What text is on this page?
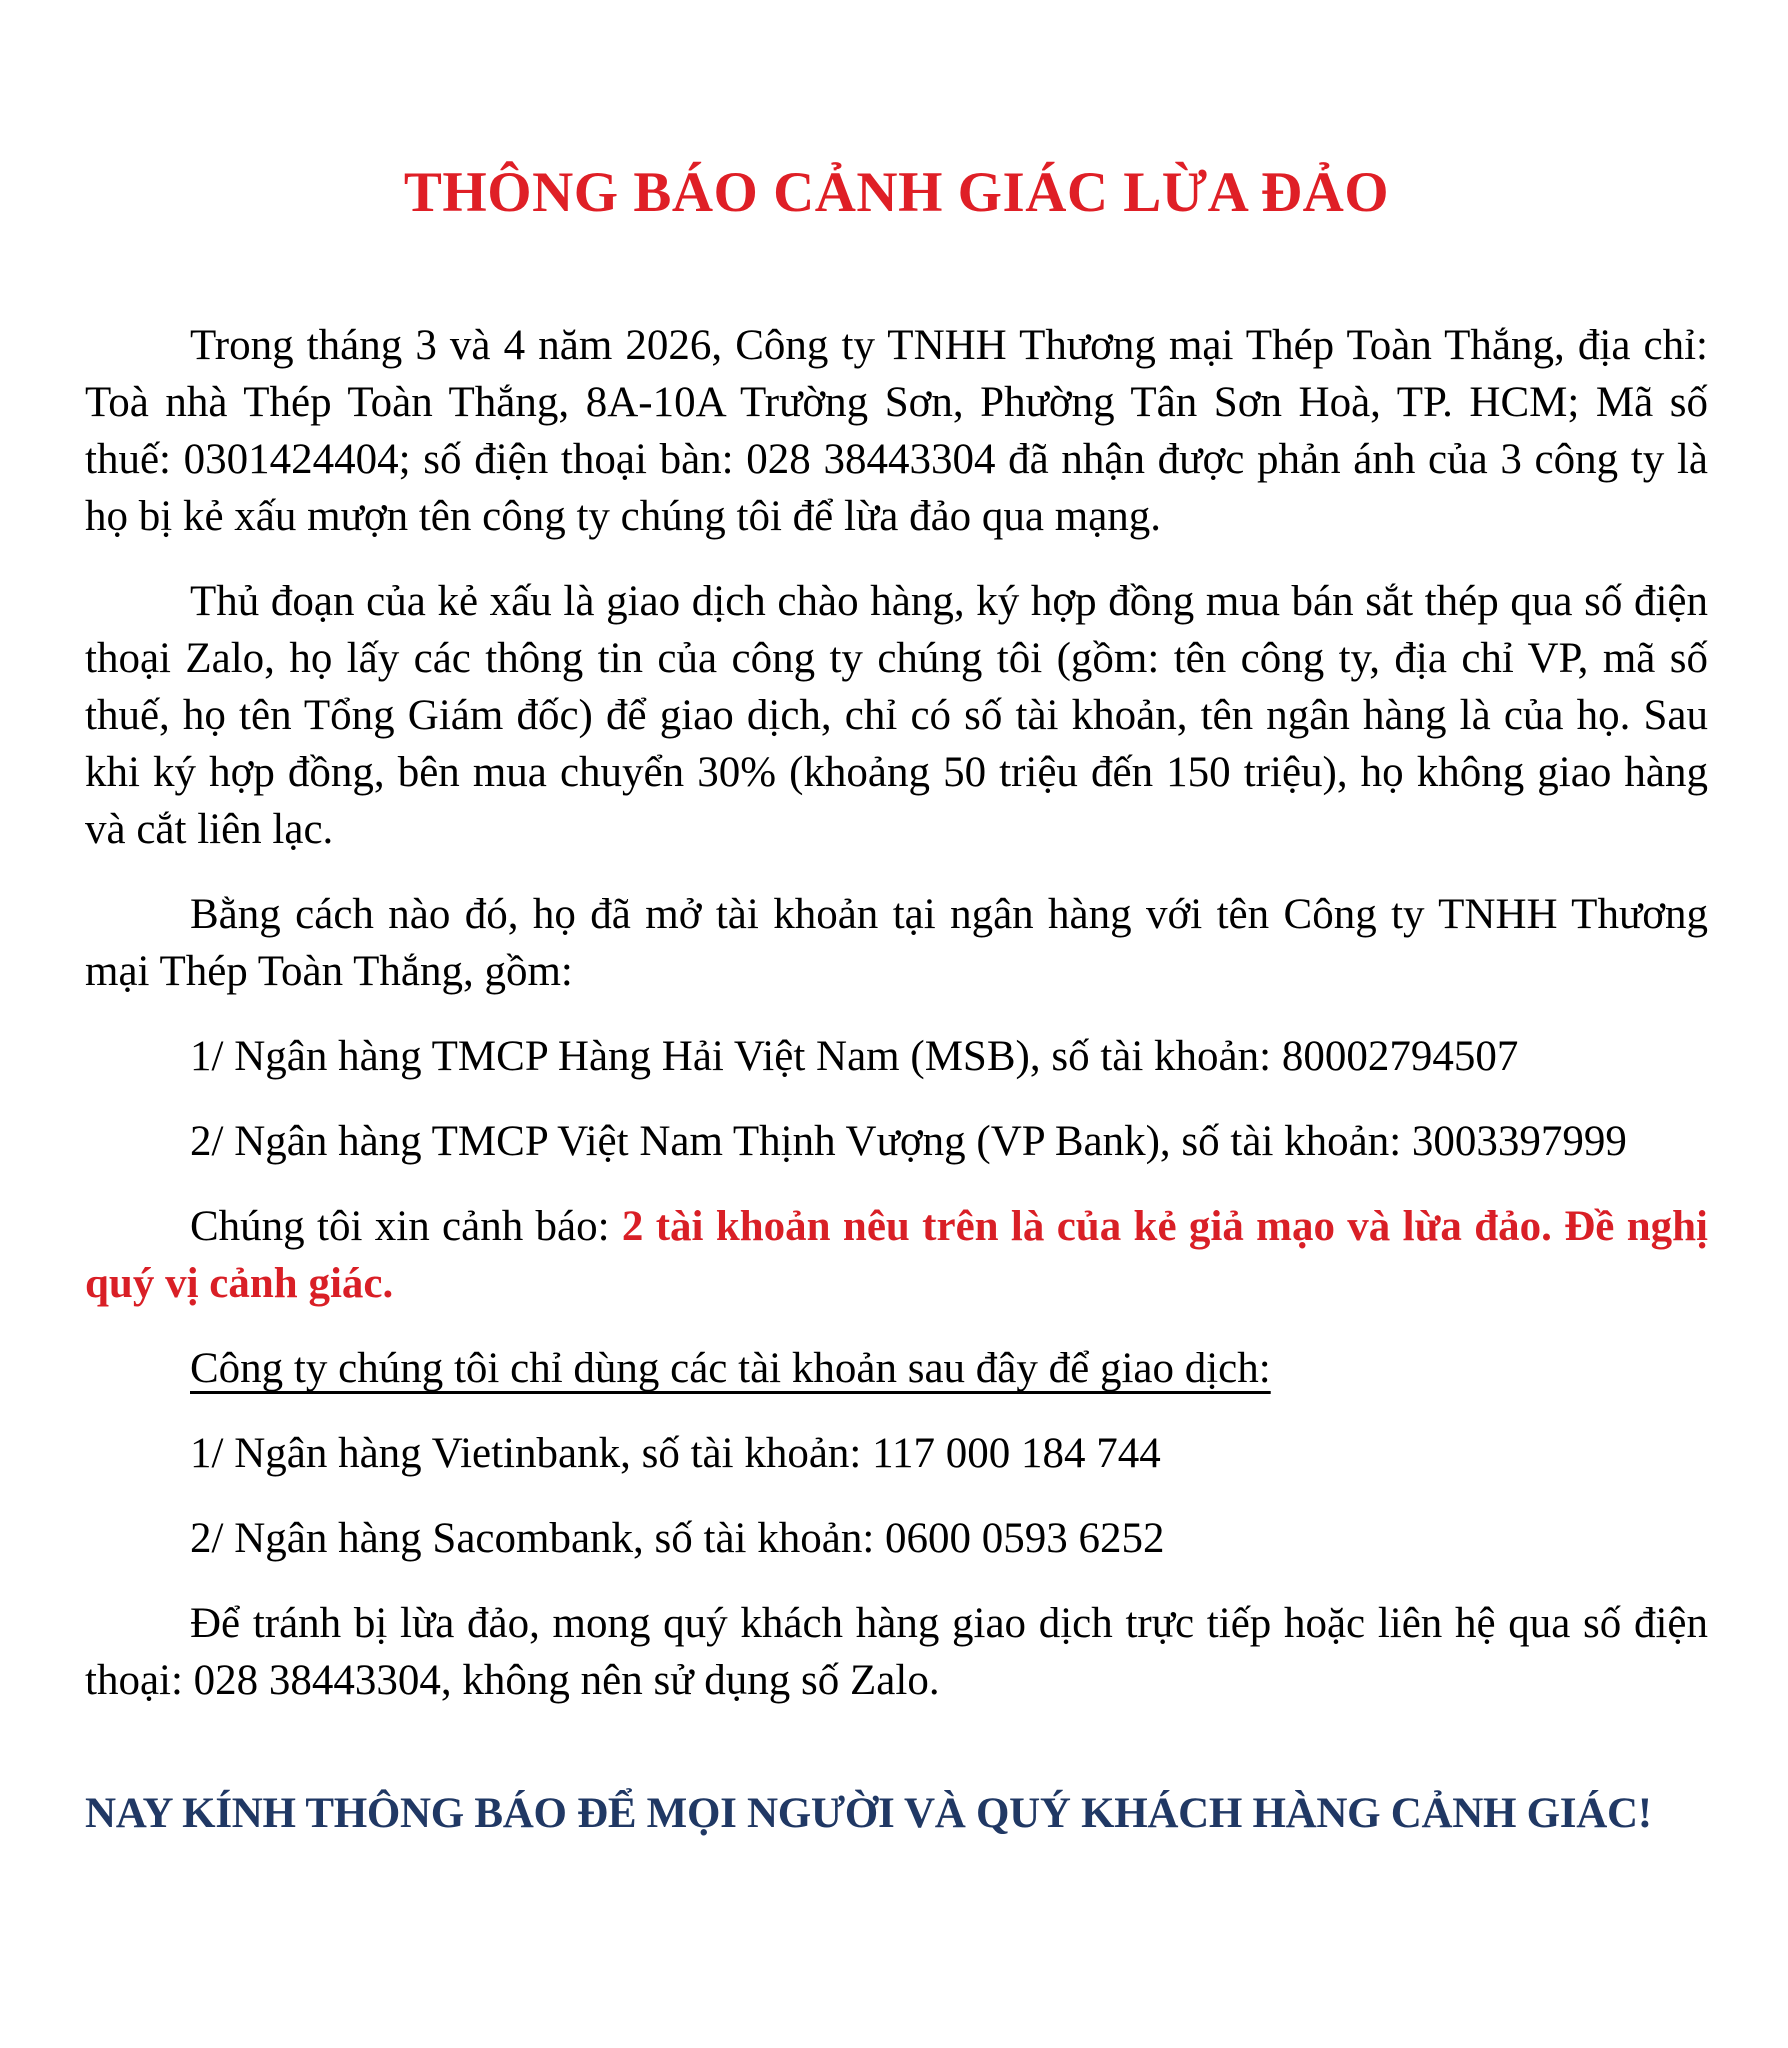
THÔNG BÁO CẢNH GIÁC LỪA ĐẢO

Trong tháng 3 và 4 năm 2026, Công ty TNHH Thương mại Thép Toàn Thắng, địa chỉ: Toà nhà Thép Toàn Thắng, 8A-10A Trường Sơn, Phường Tân Sơn Hoà, TP. HCM; Mã số thuế: 0301424404; số điện thoại bàn: 028 38443304 đã nhận được phản ánh của 3 công ty là họ bị kẻ xấu mượn tên công ty chúng tôi để lừa đảo qua mạng.

Thủ đoạn của kẻ xấu là giao dịch chào hàng, ký hợp đồng mua bán sắt thép qua số điện thoại Zalo, họ lấy các thông tin của công ty chúng tôi (gồm: tên công ty, địa chỉ VP, mã số thuế, họ tên Tổng Giám đốc) để giao dịch, chỉ có số tài khoản, tên ngân hàng là của họ. Sau khi ký hợp đồng, bên mua chuyển 30% (khoảng 50 triệu đến 150 triệu), họ không giao hàng và cắt liên lạc.

Bằng cách nào đó, họ đã mở tài khoản tại ngân hàng với tên Công ty TNHH Thương mại Thép Toàn Thắng, gồm:

1/ Ngân hàng TMCP Hàng Hải Việt Nam (MSB), số tài khoản: 80002794507

2/ Ngân hàng TMCP Việt Nam Thịnh Vượng (VP Bank), số tài khoản: 3003397999

Chúng tôi xin cảnh báo: 2 tài khoản nêu trên là của kẻ giả mạo và lừa đảo. Đề nghị quý vị cảnh giác.

Công ty chúng tôi chỉ dùng các tài khoản sau đây để giao dịch:

1/ Ngân hàng Vietinbank, số tài khoản: 117 000 184 744

2/ Ngân hàng Sacombank, số tài khoản: 0600 0593 6252

Để tránh bị lừa đảo, mong quý khách hàng giao dịch trực tiếp hoặc liên hệ qua số điện thoại: 028 38443304, không nên sử dụng số Zalo.

NAY KÍNH THÔNG BÁO ĐỂ MỌI NGƯỜI VÀ QUÝ KHÁCH HÀNG CẢNH GIÁC!
